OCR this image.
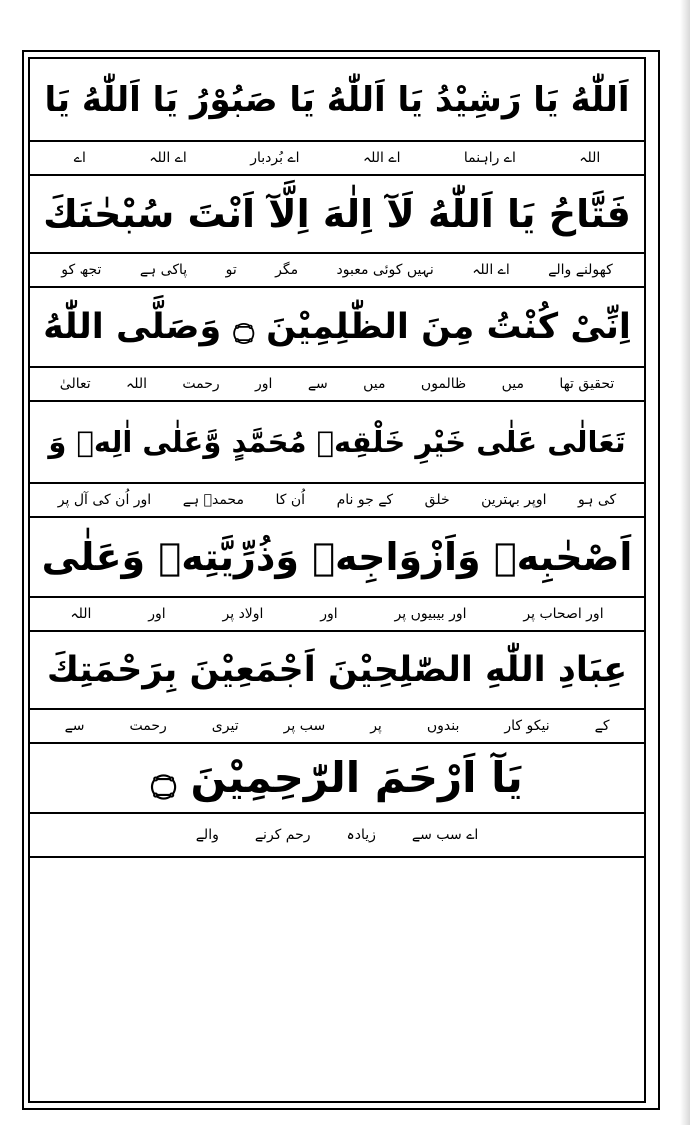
اَللّٰهُ يَا رَشِيْدُ يَا اَللّٰهُ يَا صَبُوْرُ يَا اَللّٰهُ يَا
اللہ
اے راہنما
اے اللہ
اے بُردبار
اے اللہ
اے
فَتَّاحُ يَا اَللّٰهُ لَآ اِلٰهَ اِلَّآ اَنْتَ سُبْحٰنَكَ
کھولنے والے
اے اللہ
نہیں کوئی معبود
مگر
تو
پاکی ہے
تجھ کو
اِنِّىْ كُنْتُ مِنَ الظّٰلِمِيْنَ ۝ وَصَلَّى اللّٰهُ
تحقیق تھا
میں
ظالموں
میں
سے
اور
رحمت
اللہ
تعالیٰ
تَعَالٰى عَلٰى خَيْرِ خَلْقِهٖ مُحَمَّدٍ وَّعَلٰى اٰلِهٖ وَ
کی ہو
اوپر بہترین
خلق
کے جو نام
اُن کا
محمدؐ ہے
اور اُن کی آل پر
اَصْحٰبِهٖ وَاَزْوَاجِهٖ وَذُرِّيَّتِهٖ وَعَلٰى
اور اصحاب پر
اور بیبیوں پر
اور
اولاد پر
اور
اللہ
عِبَادِ اللّٰهِ الصّٰلِحِيْنَ اَجْمَعِيْنَ بِرَحْمَتِكَ
کے
نیکو کار
بندوں
پر
سب پر
تیری
رحمت
سے
يَآ اَرْحَمَ الرّٰحِمِيْنَ ۝
اے سب سے
زیادہ
رحم کرنے
والے
